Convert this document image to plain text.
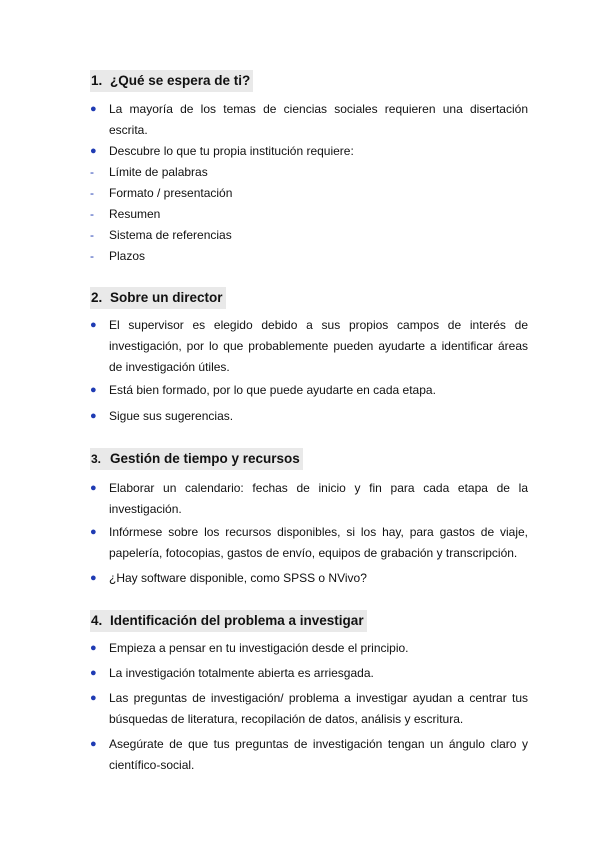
1. ¿Qué se espera de ti?
●	La mayoría de los temas de ciencias sociales requieren una disertación escrita.
●	Descubre lo que tu propia institución requiere:
-	Límite de palabras
-	Formato / presentación
-	Resumen
-	Sistema de referencias
-	Plazos
2. Sobre un director
●	El supervisor es elegido debido a sus propios campos de interés de investigación, por lo que probablemente pueden ayudarte a identificar áreas de investigación útiles.
●	Está bien formado, por lo que puede ayudarte en cada etapa.
●	Sigue sus sugerencias.
3. Gestión de tiempo y recursos
●	Elaborar un calendario: fechas de inicio y fin para cada etapa de la investigación.
●	Infórmese sobre los recursos disponibles, si los hay, para gastos de viaje, papelería, fotocopias, gastos de envío, equipos de grabación y transcripción.
●	¿Hay software disponible, como SPSS o NVivo?
4. Identificación del problema a investigar
●	Empieza a pensar en tu investigación desde el principio.
●	La investigación totalmente abierta es arriesgada.
●	Las preguntas de investigación/ problema a investigar ayudan a centrar tus búsquedas de literatura, recopilación de datos, análisis y escritura.
●	Asegúrate de que tus preguntas de investigación tengan un ángulo claro y científico-social.
